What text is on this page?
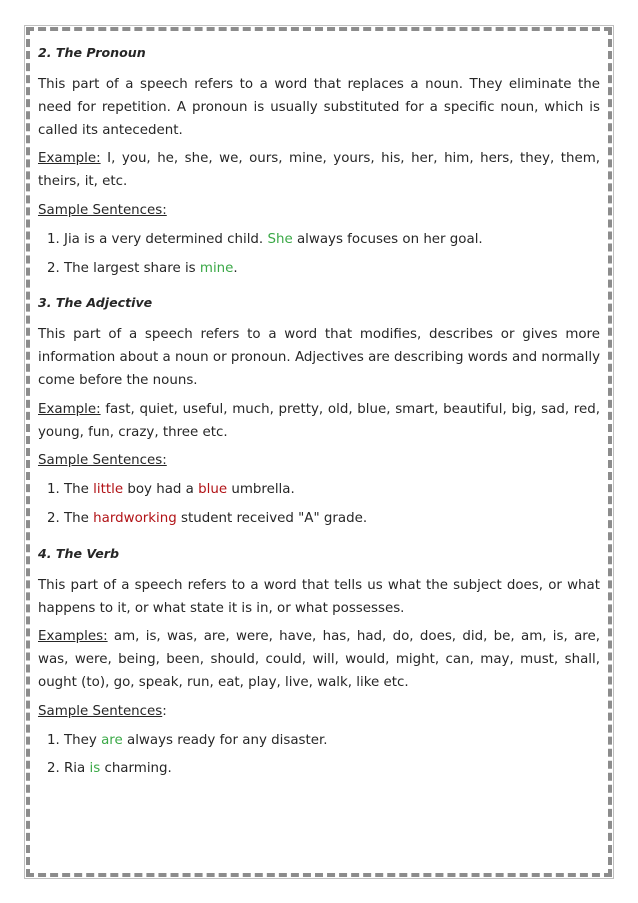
2. The Pronoun

This part of a speech refers to a word that replaces a noun. They eliminate the need for repetition. A pronoun is usually substituted for a specific noun, which is called its antecedent.

Example: I, you, he, she, we, ours, mine, yours, his, her, him, hers, they, them, theirs, it, etc.

Sample Sentences:

1. Jia is a very determined child. She always focuses on her goal.
2. The largest share is mine.
3. The Adjective

This part of a speech refers to a word that modifies, describes or gives more information about a noun or pronoun. Adjectives are describing words and normally come before the nouns.

Example: fast, quiet, useful, much, pretty, old, blue, smart, beautiful, big, sad, red, young, fun, crazy, three etc.

Sample Sentences:

1. The little boy had a blue umbrella.
2. The hardworking student received "A" grade.
4. The Verb

This part of a speech refers to a word that tells us what the subject does, or what happens to it, or what state it is in, or what possesses.

Examples: am, is, was, are, were, have, has, had, do, does, did, be, am, is, are, was, were, being, been, should, could, will, would, might, can, may, must, shall, ought (to), go, speak, run, eat, play, live, walk, like etc.

Sample Sentences:

1. They are always ready for any disaster.
2. Ria is charming.
